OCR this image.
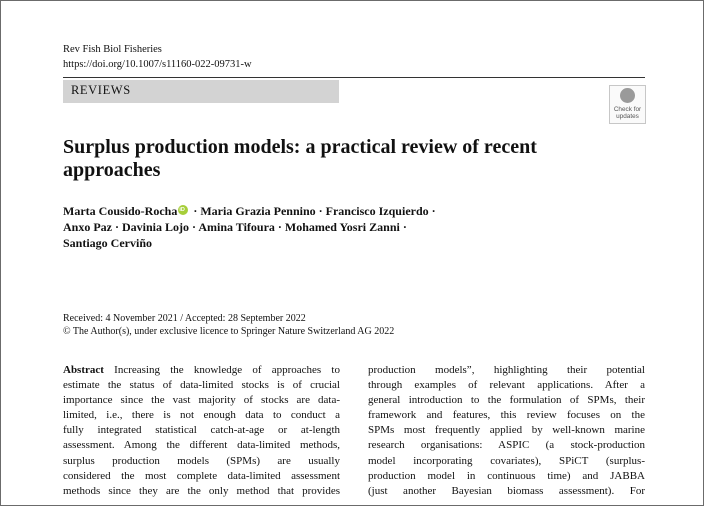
Rev Fish Biol Fisheries
https://doi.org/10.1007/s11160-022-09731-w
REVIEWS
Check for
updates
Surplus production models: a practical review of recent
approaches
Marta Cousido-RochaiD · Maria Grazia Pennino · Francisco Izquierdo ·
Anxo Paz · Davinia Lojo · Amina Tifoura · Mohamed Yosri Zanni ·
Santiago Cerviño
Received: 4 November 2021 / Accepted: 28 September 2022
© The Author(s), under exclusive licence to Springer Nature Switzerland AG 2022
Abstract Increasing the knowledge of approaches to
estimate the status of data-limited stocks is of crucial
importance since the vast majority of stocks are data-
limited, i.e., there is not enough data to conduct a
fully integrated statistical catch-at-age or at-length
assessment. Among the different data-limited methods,
surplus production models (SPMs) are usually
considered the most complete data-limited assessment
methods since they are the only method that provides
production models”, highlighting their potential
through examples of relevant applications. After a
general introduction to the formulation of SPMs, their
framework and features, this review focuses on the
SPMs most frequently applied by well-known marine
research organisations: ASPIC (a stock-production
model incorporating covariates), SPiCT (surplus-
production model in continuous time) and JABBA
(just another Bayesian biomass assessment). For
